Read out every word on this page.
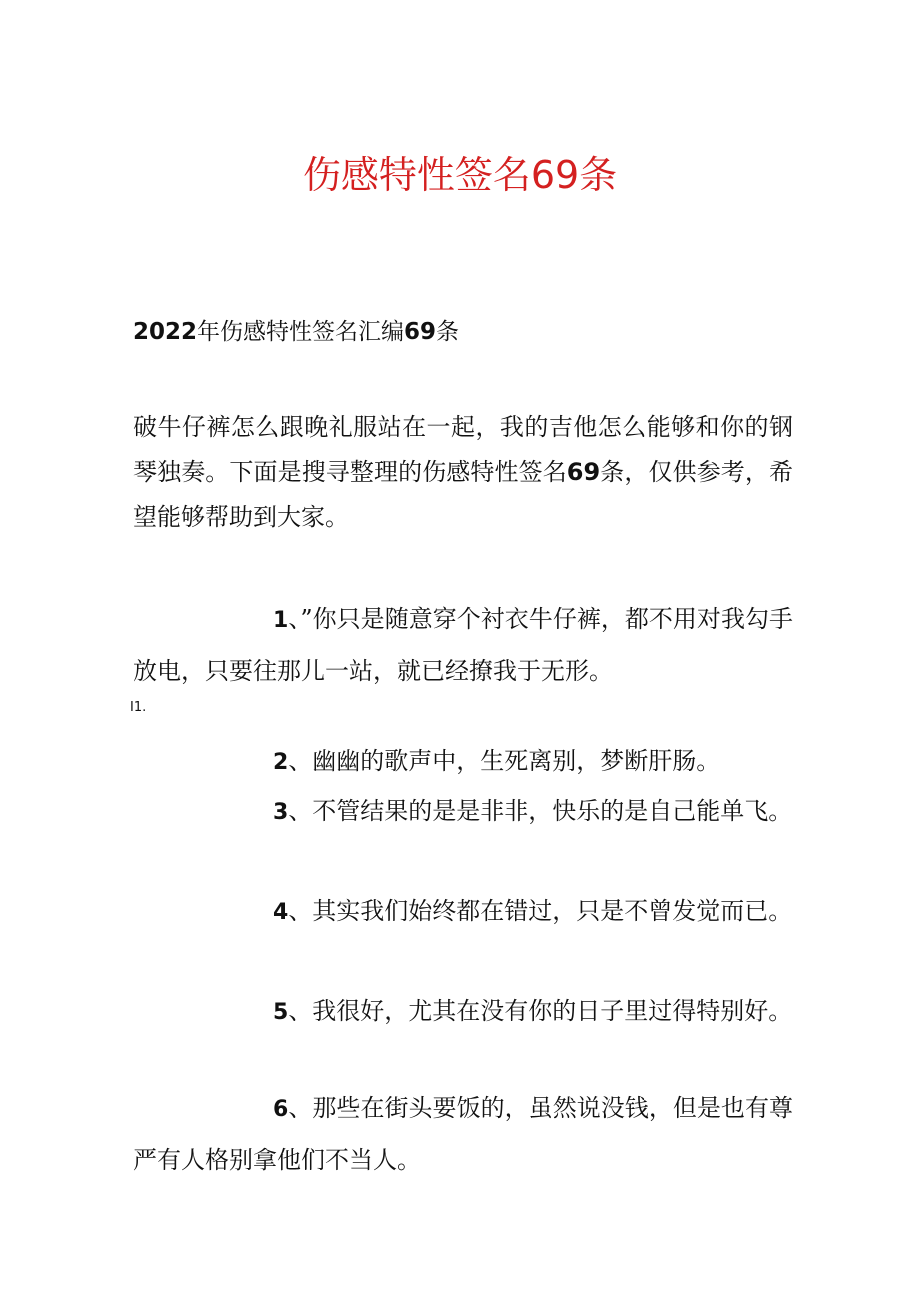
伤感特性签名69条
2022年伤感特性签名汇编69条
破牛仔裤怎么跟晚礼服站在一起，我的吉他怎么能够和你的钢琴独奏。下面是搜寻整理的伤感特性签名69条，仅供参考，希望能够帮助到大家。
1、”你只是随意穿个衬衣牛仔裤，都不用对我勾手放电，只要往那儿一站，就已经撩我于无形。
I1.
2、幽幽的歌声中，生死离别，梦断肝肠。
3、不管结果的是是非非，快乐的是自己能单飞。
4、其实我们始终都在错过，只是不曾发觉而已。
5、我很好，尤其在没有你的日子里过得特别好。
6、那些在街头要饭的，虽然说没钱，但是也有尊严有人格别拿他们不当人。
